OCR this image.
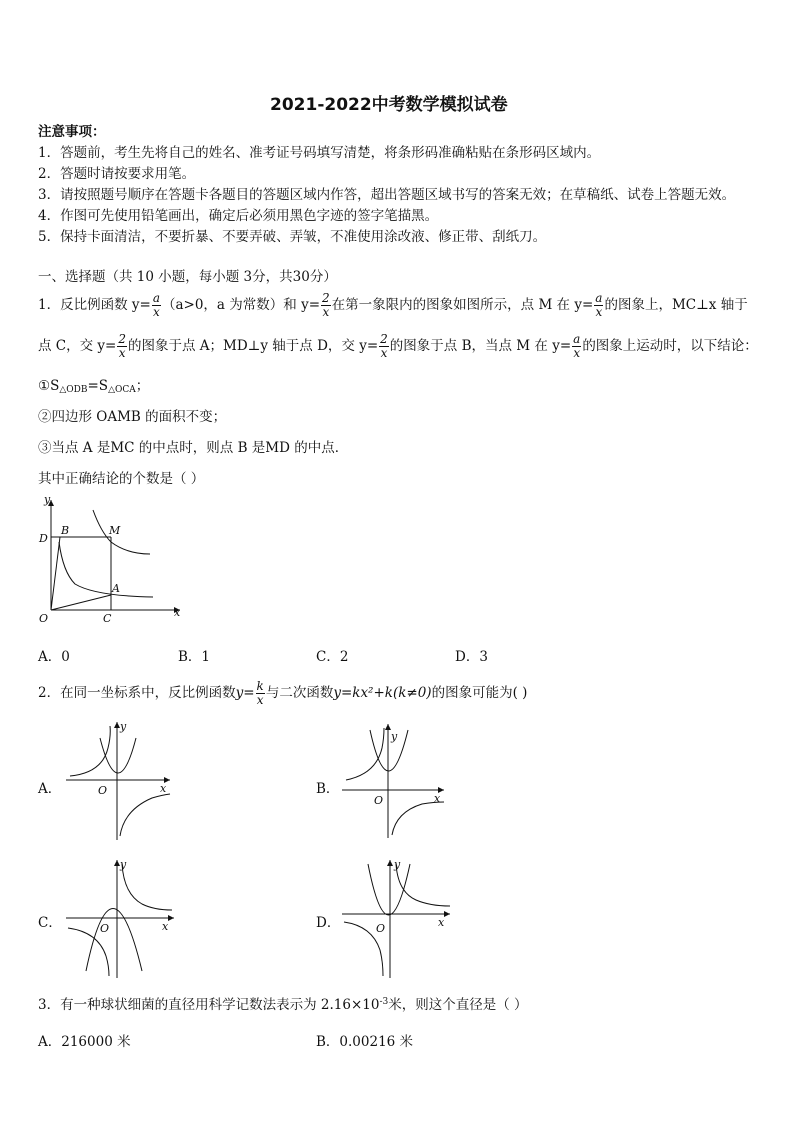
2021-2022中考数学模拟试卷
注意事项：
1．答题前，考生先将自己的姓名、准考证号码填写清楚，将条形码准确粘贴在条形码区域内。
2．答题时请按要求用笔。
3．请按照题号顺序在答题卡各题目的答题区域内作答，超出答题区域书写的答案无效；在草稿纸、试卷上答题无效。
4．作图可先使用铅笔画出，确定后必须用黑色字迹的签字笔描黑。
5．保持卡面清洁，不要折暴、不要弄破、弄皱，不准使用涂改液、修正带、刮纸刀。
一、选择题（共 10 小题，每小题 3分，共30分）
1．反比例函数 $y= \frac{a}{x} (a>0$，a 为常数）和 $y= \frac{2}{x}$ 在第一象限内的图象如图所示，点 M 在 $y= \frac{a}{x}$ 的图象上，MC⊥x 轴于
点 C，交 $y= \frac{2}{x}$ 的图象于点 A；MD⊥y 轴于点 D，交 $y= \frac{2}{x}$ 的图象于点 B，当点 M 在 $y= \frac{a}{x}$ 的图象上运动时，以下结论：
$①S_{\triangle ODB}=S_{\triangle OCA}$；
②四边形 OAMB 的面积不变；
③当点 A 是MC 的中点时，则点 B 是MD 的中点．
其中正确结论的个数是（ ）
y
x
O
D
B	M
A
C
A．0	B．1	C．2	D．3
2．在同一坐标系中，反比例函数$y= \frac{k}{x}$ 与二次函数y=kx²+k(k≠0)的图象可能为( )
A．	B．
C．	D．
O	x
y
O	x
y
O	x
y
O	x
y
3．有一种球状细菌的直径用科学记数法表示为 $2.16\times 10^{-3}$米，则这个直径是（ ）
A．216000 米	B．0.00216 米
